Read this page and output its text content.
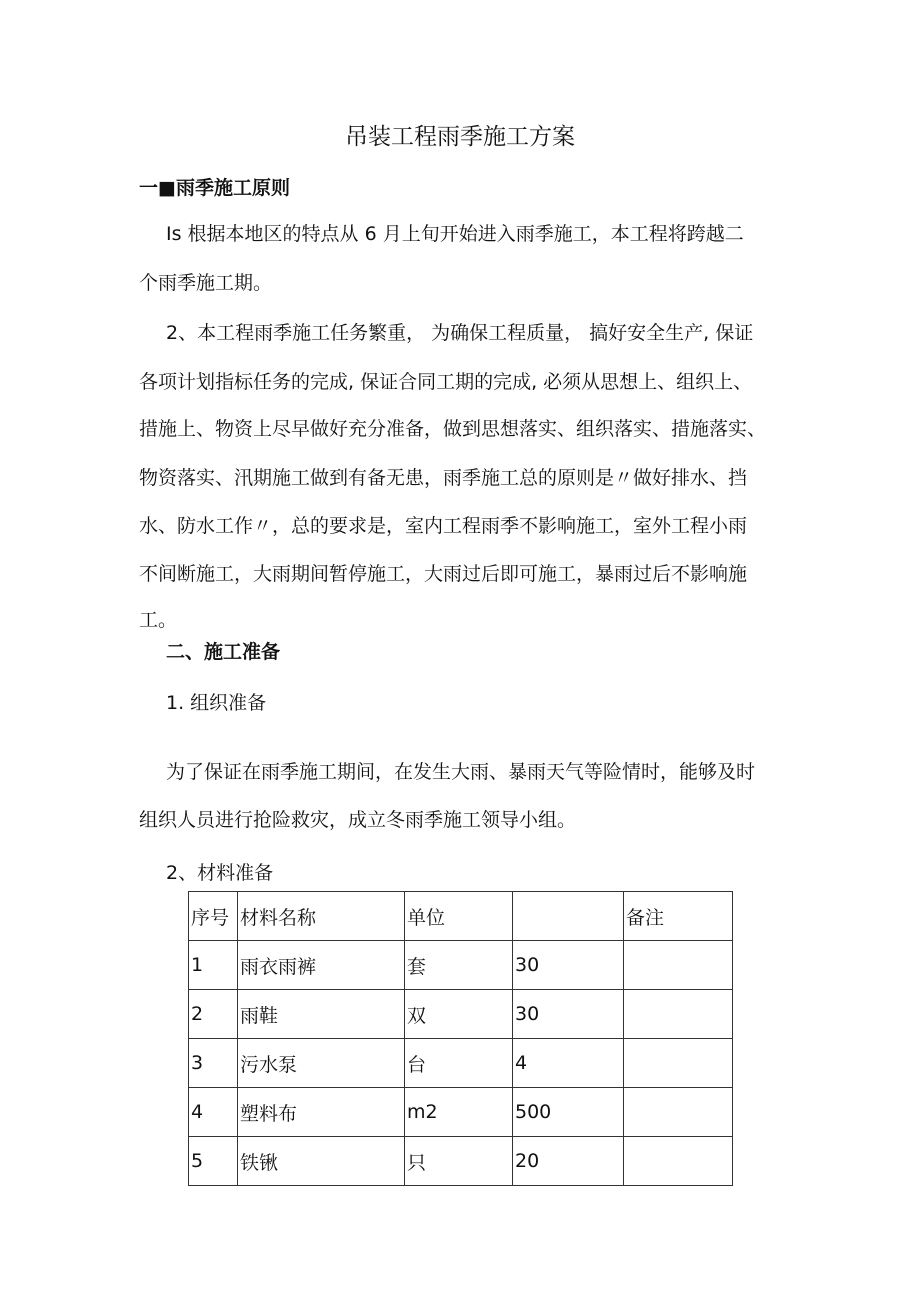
吊装工程雨季施工方案
一■雨季施工原则
Is 根据本地区的特点从 6 月上旬开始进入雨季施工，本工程将跨越二
个雨季施工期。
2、本工程雨季施工任务繁重， 为确保工程质量， 搞好安全生产, 保证
各项计划指标任务的完成, 保证合同工期的完成, 必须从思想上、组织上、
措施上、物资上尽早做好充分准备，做到思想落实、组织落实、措施落实、
物资落实、汛期施工做到有备无患，雨季施工总的原则是〃做好排水、挡
水、防水工作〃，总的要求是，室内工程雨季不影响施工，室外工程小雨
不间断施工，大雨期间暂停施工，大雨过后即可施工，暴雨过后不影响施
工。
二、施工准备
1. 组织准备
为了保证在雨季施工期间，在发生大雨、暴雨天气等险情时，能够及时
组织人员进行抢险救灾，成立冬雨季施工领导小组。
2、材料准备
序号	材料名称	单位		备注
1	雨衣雨裤	套	30	
2	雨鞋	双	30	
3	污水泵	台	4	
4	塑料布	m2	500	
5	铁锹	只	20	
